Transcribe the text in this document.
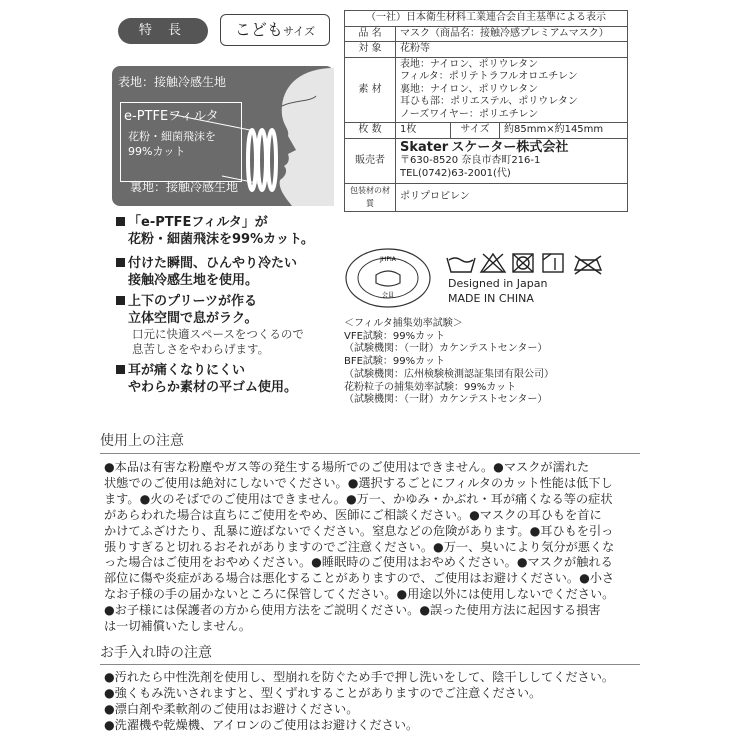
特 長	こどもサイズ
表地：接触冷感生地
e-PTFEフィルタ
花粉・細菌飛沫を
99%カット
裏地：接触冷感生地
「e-PTFEフィルタ」が
花粉・細菌飛沫を99%カット。
付けた瞬間、ひんやり冷たい
接触冷感生地を使用。
上下のプリーツが作る
立体空間で息がラク。
口元に快適スペースをつくるので
息苦しさをやわらげます。
耳が痛くなりにくい
やわらか素材の平ゴム使用。
（一社）日本衛生材料工業連合会自主基準による表示			
品 名	マスク（商品名：接触冷感プレミアムマスク）		
対 象	花粉等		
素 材	表地：ナイロン、ポリウレタン
フィルタ：ポリテトラフルオロエチレン
裏地：ナイロン、ポリウレタン
耳ひも部：ポリエステル、ポリウレタン
ノーズワイヤー：ポリエチレン		

枚 数	1枚	サイズ	約85mm×約145mm
販売者	Skater スケーター株式会社
〒630-8520 奈良市杏町216-1
TEL(0742)63-2001(代)		

包装材の材質	ポリプロピレン		
JHPIA
会員
Designed in Japan
MADE IN CHINA
＜フィルタ捕集効率試験＞
VFE試験：99%カット
（試験機関：（一財）カケンテストセンター）
BFE試験：99%カット
（試験機関：広州検験検測認証集団有限公司）
花粉粒子の捕集効率試験：99%カット
（試験機関：（一財）カケンテストセンター）
使用上の注意
●本品は有害な粉塵やガス等の発生する場所でのご使用はできません。●マスクが濡れた
状態でのご使用は絶対にしないでください。●選択するごとにフィルタのカット性能は低下し
ます。●火のそばでのご使用はできません。●万一、かゆみ・かぶれ・耳が痛くなる等の症状
があらわれた場合は直ちにご使用をやめ、医師にご相談ください。●マスクの耳ひもを首に
かけてふざけたり、乱暴に遊ばないでください。窒息などの危険があります。●耳ひもを引っ
張りすぎると切れるおそれがありますのでご注意ください。●万一、臭いにより気分が悪くな
った場合はご使用をおやめください。●睡眠時のご使用はおやめください。●マスクが触れる
部位に傷や炎症がある場合は悪化することがありますので、ご使用はお避けください。●小さ
なお子様の手の届かないところに保管してください。●用途以外には使用しないでください。
●お子様には保護者の方から使用方法をご説明ください。●誤った使用方法に起因する損害
は一切補償いたしません。
お手入れ時の注意
●汚れたら中性洗剤を使用し、型崩れを防ぐため手で押し洗いをして、陰干ししてください。
●強くもみ洗いされますと、型くずれすることがありますのでご注意ください。
●漂白剤や柔軟剤のご使用はお避けください。
●洗濯機や乾燥機、アイロンのご使用はお避けください。
